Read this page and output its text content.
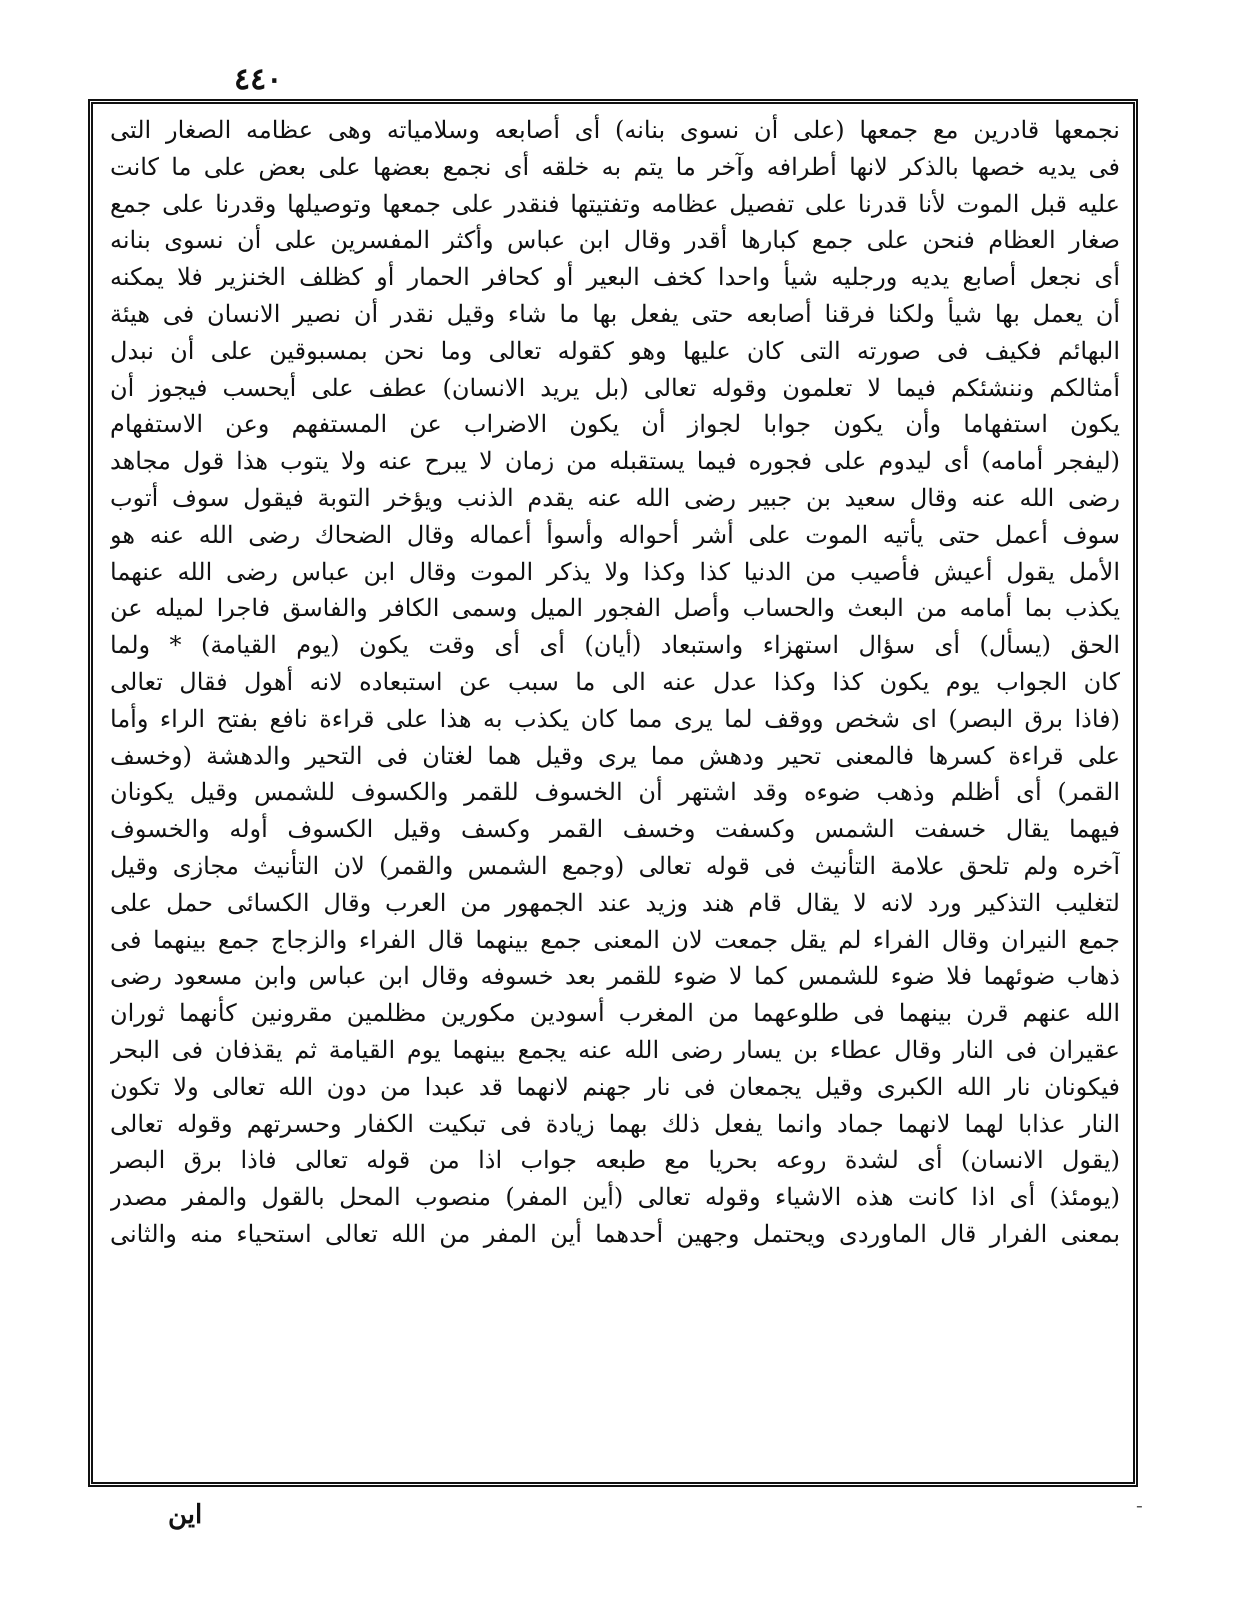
٤٤٠
نجمعها قادرين مع جمعها (على أن نسوى بنانه) أى أصابعه وسلامياته وهى عظامه الصغار التى
فى يديه خصها بالذكر لانها أطرافه وآخر ما يتم به خلقه أى نجمع بعضها على بعض على ما كانت
عليه قبل الموت لأنا قدرنا على تفصيل عظامه وتفتيتها فنقدر على جمعها وتوصيلها وقدرنا على جمع
صغار العظام فنحن على جمع كبارها أقدر وقال ابن عباس وأكثر المفسرين على أن نسوى بنانه
أى نجعل أصابع يديه ورجليه شيأ واحدا كخف البعير أو كحافر الحمار أو كظلف الخنزير فلا يمكنه
أن يعمل بها شيأ ولكنا فرقنا أصابعه حتى يفعل بها ما شاء وقيل نقدر أن نصير الانسان فى هيئة
البهائم فكيف فى صورته التى كان عليها وهو كقوله تعالى وما نحن بمسبوقين على أن نبدل
أمثالكم وننشئكم فيما لا تعلمون وقوله تعالى (بل يريد الانسان) عطف على أيحسب فيجوز أن
يكون استفهاما وأن يكون جوابا لجواز أن يكون الاضراب عن المستفهم وعن الاستفهام
(ليفجر أمامه) أى ليدوم على فجوره فيما يستقبله من زمان لا يبرح عنه ولا يتوب هذا قول مجاهد
رضى الله عنه وقال سعيد بن جبير رضى الله عنه يقدم الذنب ويؤخر التوبة فيقول سوف أتوب
سوف أعمل حتى يأتيه الموت على أشر أحواله وأسوأ أعماله وقال الضحاك رضى الله عنه هو
الأمل يقول أعيش فأصيب من الدنيا كذا وكذا ولا يذكر الموت وقال ابن عباس رضى الله عنهما
يكذب بما أمامه من البعث والحساب وأصل الفجور الميل وسمى الكافر والفاسق فاجرا لميله عن
الحق (يسأل) أى سؤال استهزاء واستبعاد (أيان) أى أى وقت يكون (يوم القيامة) * ولما
كان الجواب يوم يكون كذا وكذا عدل عنه الى ما سبب عن استبعاده لانه أهول فقال تعالى
(فاذا برق البصر) اى شخص ووقف لما يرى مما كان يكذب به هذا على قراءة نافع بفتح الراء وأما
على قراءة كسرها فالمعنى تحير ودهش مما يرى وقيل هما لغتان فى التحير والدهشة (وخسف
القمر) أى أظلم وذهب ضوءه وقد اشتهر أن الخسوف للقمر والكسوف للشمس وقيل يكونان
فيهما يقال خسفت الشمس وكسفت وخسف القمر وكسف وقيل الكسوف أوله والخسوف
آخره ولم تلحق علامة التأنيث فى قوله تعالى (وجمع الشمس والقمر) لان التأنيث مجازى وقيل
لتغليب التذكير ورد لانه لا يقال قام هند وزيد عند الجمهور من العرب وقال الكسائى حمل على
جمع النيران وقال الفراء لم يقل جمعت لان المعنى جمع بينهما قال الفراء والزجاج جمع بينهما فى
ذهاب ضوئهما فلا ضوء للشمس كما لا ضوء للقمر بعد خسوفه وقال ابن عباس وابن مسعود رضى
الله عنهم قرن بينهما فى طلوعهما من المغرب أسودين مكورين مظلمين مقرونين كأنهما ثوران
عقيران فى النار وقال عطاء بن يسار رضى الله عنه يجمع بينهما يوم القيامة ثم يقذفان فى البحر
فيكونان نار الله الكبرى وقيل يجمعان فى نار جهنم لانهما قد عبدا من دون الله تعالى ولا تكون
النار عذابا لهما لانهما جماد وانما يفعل ذلك بهما زيادة فى تبكيت الكفار وحسرتهم وقوله تعالى
(يقول الانسان) أى لشدة روعه بحريا مع طبعه جواب اذا من قوله تعالى فاذا برق البصر
(يومئذ) أى اذا كانت هذه الاشياء وقوله تعالى (أين المفر) منصوب المحل بالقول والمفر مصدر
بمعنى الفرار قال الماوردى ويحتمل وجهين أحدهما أين المفر من الله تعالى استحياء منه والثانى
اين	-
